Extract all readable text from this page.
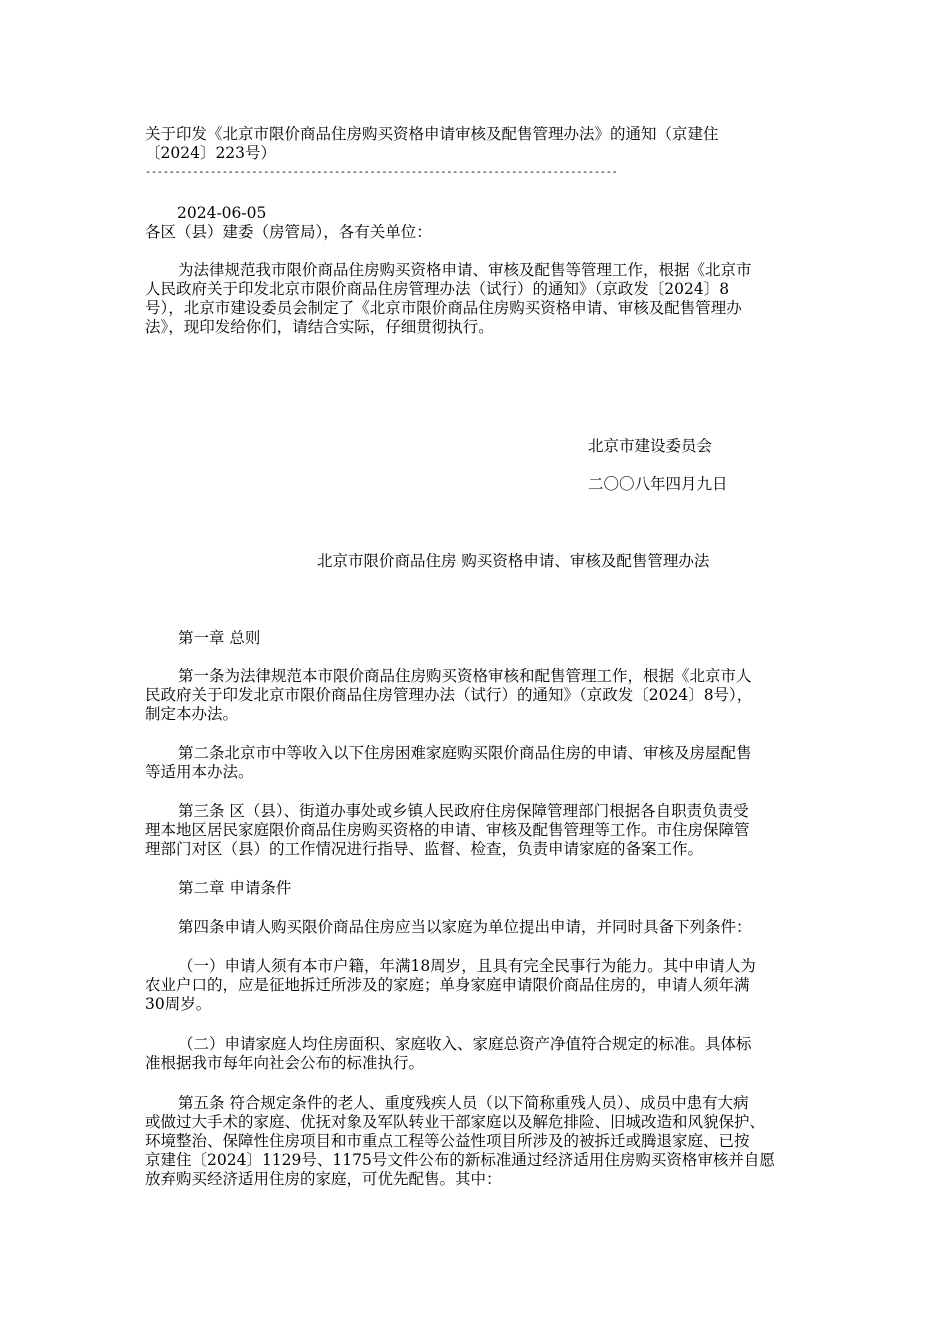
关于印发《北京市限价商品住房购买资格申请审核及配售管理办法》的通知（京建住
〔2024〕223号）
--------------------------------------------------------------------------------
2024-06-05
各区（县）建委（房管局），各有关单位：
为法律规范我市限价商品住房购买资格申请、审核及配售等管理工作，根据《北京市
人民政府关于印发北京市限价商品住房管理办法（试行）的通知》（京政发〔2024〕8
号），北京市建设委员会制定了《北京市限价商品住房购买资格申请、审核及配售管理办
法》，现印发给你们，请结合实际，仔细贯彻执行。
北京市建设委员会
二〇〇八年四月九日
北京市限价商品住房 购买资格申请、审核及配售管理办法
第一章 总则
第一条为法律规范本市限价商品住房购买资格审核和配售管理工作，根据《北京市人
民政府关于印发北京市限价商品住房管理办法（试行）的通知》（京政发〔2024〕8号），
制定本办法。
第二条北京市中等收入以下住房困难家庭购买限价商品住房的申请、审核及房屋配售
等适用本办法。
第三条 区（县）、街道办事处或乡镇人民政府住房保障管理部门根据各自职责负责受
理本地区居民家庭限价商品住房购买资格的申请、审核及配售管理等工作。市住房保障管
理部门对区（县）的工作情况进行指导、监督、检查，负责申请家庭的备案工作。
第二章 申请条件
第四条申请人购买限价商品住房应当以家庭为单位提出申请，并同时具备下列条件：
（一）申请人须有本市户籍，年满18周岁，且具有完全民事行为能力。其中申请人为
农业户口的，应是征地拆迁所涉及的家庭；单身家庭申请限价商品住房的，申请人须年满
30周岁。
（二）申请家庭人均住房面积、家庭收入、家庭总资产净值符合规定的标准。具体标
准根据我市每年向社会公布的标准执行。
第五条 符合规定条件的老人、重度残疾人员（以下简称重残人员）、成员中患有大病
或做过大手术的家庭、优抚对象及军队转业干部家庭以及解危排险、旧城改造和风貌保护、
环境整治、保障性住房项目和市重点工程等公益性项目所涉及的被拆迁或腾退家庭、已按
京建住〔2024〕1129号、1175号文件公布的新标准通过经济适用住房购买资格审核并自愿
放弃购买经济适用住房的家庭，可优先配售。其中：
